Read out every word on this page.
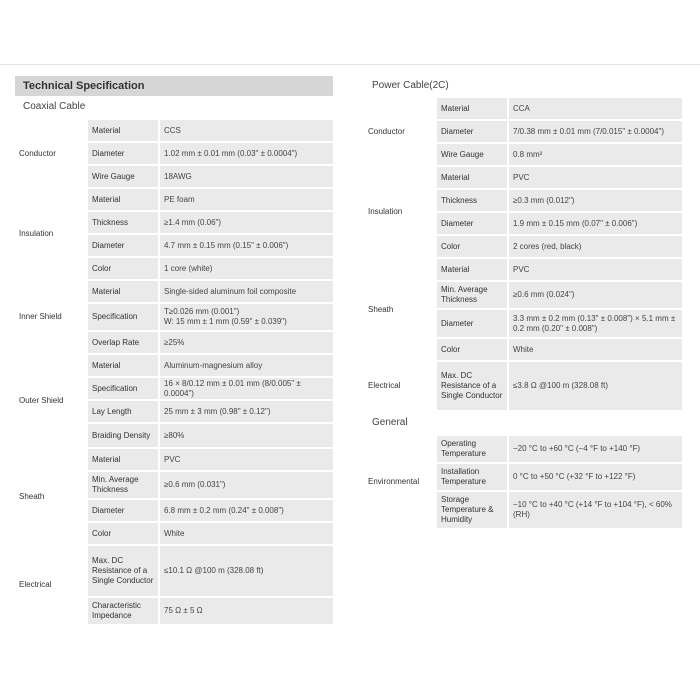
Technical Specification
Coaxial Cable
Conductor	Material	CCS
	Diameter	1.02 mm ± 0.01 mm (0.03" ± 0.0004")
	Wire Gauge	18AWG
Insulation	Material	PE foam
	Thickness	≥1.4 mm (0.06")
	Diameter	4.7 mm ± 0.15 mm (0.15" ± 0.006")
	Color	1 core (white)
Inner Shield	Material	Single-sided aluminum foil composite
	Specification	T≥0.026 mm (0.001")
W: 15 mm ± 1 mm (0.59" ± 0.039")

	Overlap Rate	≥25%
Outer Shield	Material	Aluminum-magnesium alloy
	Specification	16 × 8/0.12 mm ± 0.01 mm (8/0.005" ± 0.0004")
	Lay Length	25 mm ± 3 mm (0.98" ± 0.12")
	Braiding Density	≥80%
Sheath	Material	PVC
	Min. Average Thickness	≥0.6 mm (0.031")
	Diameter	6.8 mm ± 0.2 mm (0.24" ± 0.008")
	Color	White
Electrical	Max. DC Resistance of a Single Conductor	≤10.1 Ω @100 m (328.08 ft)
	Characteristic Impedance	75 Ω ± 5 Ω
Power Cable(2C)
Conductor	Material	CCA
	Diameter	7/0.38 mm ± 0.01 mm (7/0.015" ± 0.0004")
	Wire Gauge	0.8 mm²
Insulation	Material	PVC
	Thickness	≥0.3 mm (0.012")
	Diameter	1.9 mm ± 0.15 mm (0.07" ± 0.006")
	Color	2 cores (red, black)
Sheath	Material	PVC
	Min. Average Thickness	≥0.6 mm (0.024")
	Diameter	3.3 mm ± 0.2 mm (0.13" ± 0.008") × 5.1 mm ± 0.2 mm (0.20" ± 0.008")
	Color	White
Electrical	Max. DC Resistance of a Single Conductor	≤3.8 Ω @100 m (328.08 ft)
General
Environmental	Operating Temperature	−20 °C to +60 °C (−4 °F to +140 °F)
	Installation Temperature	0 °C to +50 °C (+32 °F to +122 °F)
	Storage Temperature & Humidity	−10 °C to +40 °C (+14 °F to +104 °F), < 60% (RH)
